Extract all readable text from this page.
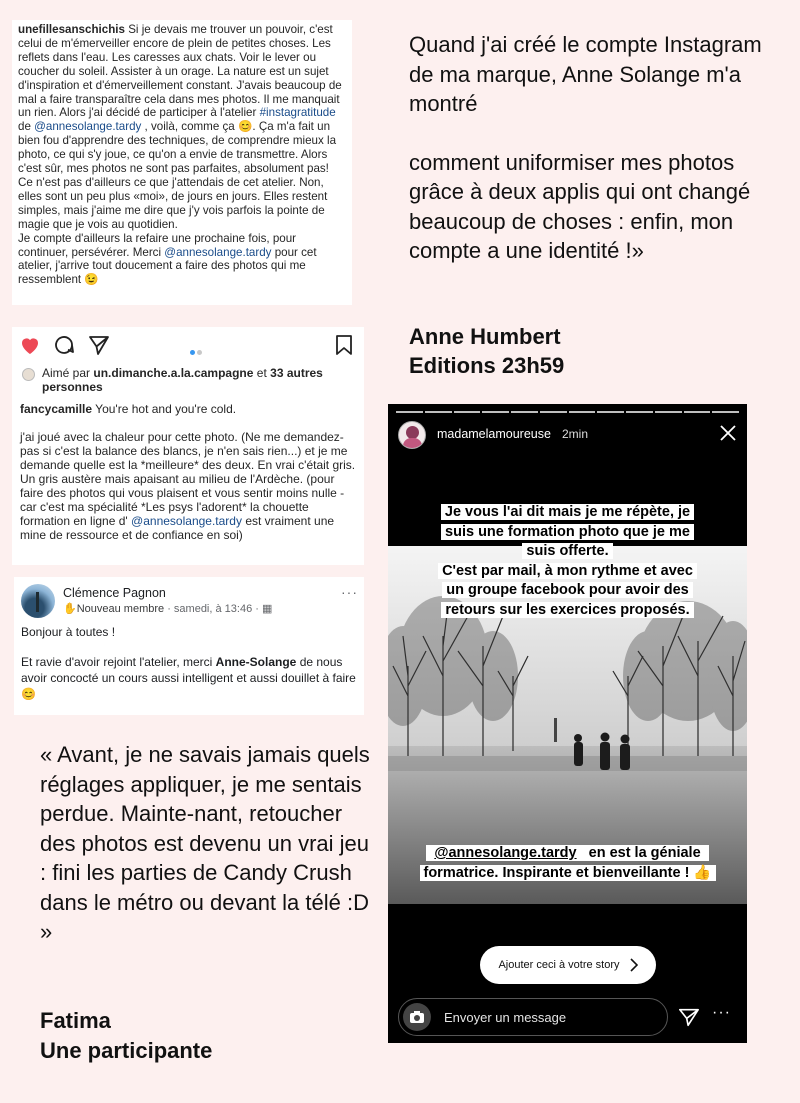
unefillesanschichis Si je devais me trouver un pouvoir, c'est celui de m'émerveiller encore de plein de petites choses. Les reflets dans l'eau. Les caresses aux chats. Voir le lever ou coucher du soleil. Assister à un orage. La nature est un sujet d'inspiration et d'émerveillement constant. J'avais beaucoup de mal a faire transparaître cela dans mes photos. Il me manquait un rien. Alors j'ai décidé de participer à l'atelier #instagratitude de @annesolange.tardy , voilà, comme ça 😊. Ça m'a fait un bien fou d'apprendre des techniques, de comprendre mieux la photo, ce qui s'y joue, ce qu'on a envie de transmettre. Alors c'est sûr, mes photos ne sont pas parfaites, absolument pas! Ce n'est pas d'ailleurs ce que j'attendais de cet atelier. Non, elles sont un peu plus «moi», de jours en jours. Elles restent simples, mais j'aime me dire que j'y vois parfois la pointe de magie que je vois au quotidien.
Je compte d'ailleurs la refaire une prochaine fois, pour continuer, persévérer. Merci @annesolange.tardy pour cet atelier, j'arrive tout doucement a faire des photos qui me ressemblent 😉
Aimé par un.dimanche.a.la.campagne et 33 autres personnes
fancycamille You're hot and you're cold.
j'ai joué avec la chaleur pour cette photo. (Ne me demandez-pas si c'est la balance des blancs, je n'en sais rien...) et je me demande quelle est la *meilleure* des deux. En vrai c'était gris. Un gris austère mais apaisant au milieu de l'Ardèche. (pour faire des photos qui vous plaisent et vous sentir moins nulle - car c'est ma spécialité *Les psys l'adorent* la chouette formation en ligne d' @annesolange.tardy est vraiment une mine de ressource et de confiance en soi)
Clémence Pagnon
✋Nouveau membre · samedi, à 13:46 · ▦
···
Bonjour à toutes !
Et ravie d'avoir rejoint l'atelier, merci Anne-Solange de nous avoir concocté un cours aussi intelligent et aussi douillet à faire 😊
Quand j'ai créé le compte Instagram de ma marque, Anne Solange m'a montré
comment uniformiser mes photos grâce à deux applis qui ont changé beaucoup de choses : enfin, mon compte a une identité !»
Anne Humbert
Editions 23h59
« Avant, je ne savais jamais quels réglages appliquer, je me sentais perdue. Mainte-nant, retoucher des photos est devenu un vrai jeu : fini les parties de Candy Crush dans le métro ou devant la télé :D »
Fatima
Une participante
madamelamoureuse 2min
Je vous l'ai dit mais je me répète, je
suis une formation photo que je me
suis offerte.
C'est par mail, à mon rythme et avec
un groupe facebook pour avoir des
retours sur les exercices proposés.
@annesolange.tardy en est la géniale
formatrice. Inspirante et bienveillante ! 👍
Ajouter ceci à votre story
Envoyer un message	···
